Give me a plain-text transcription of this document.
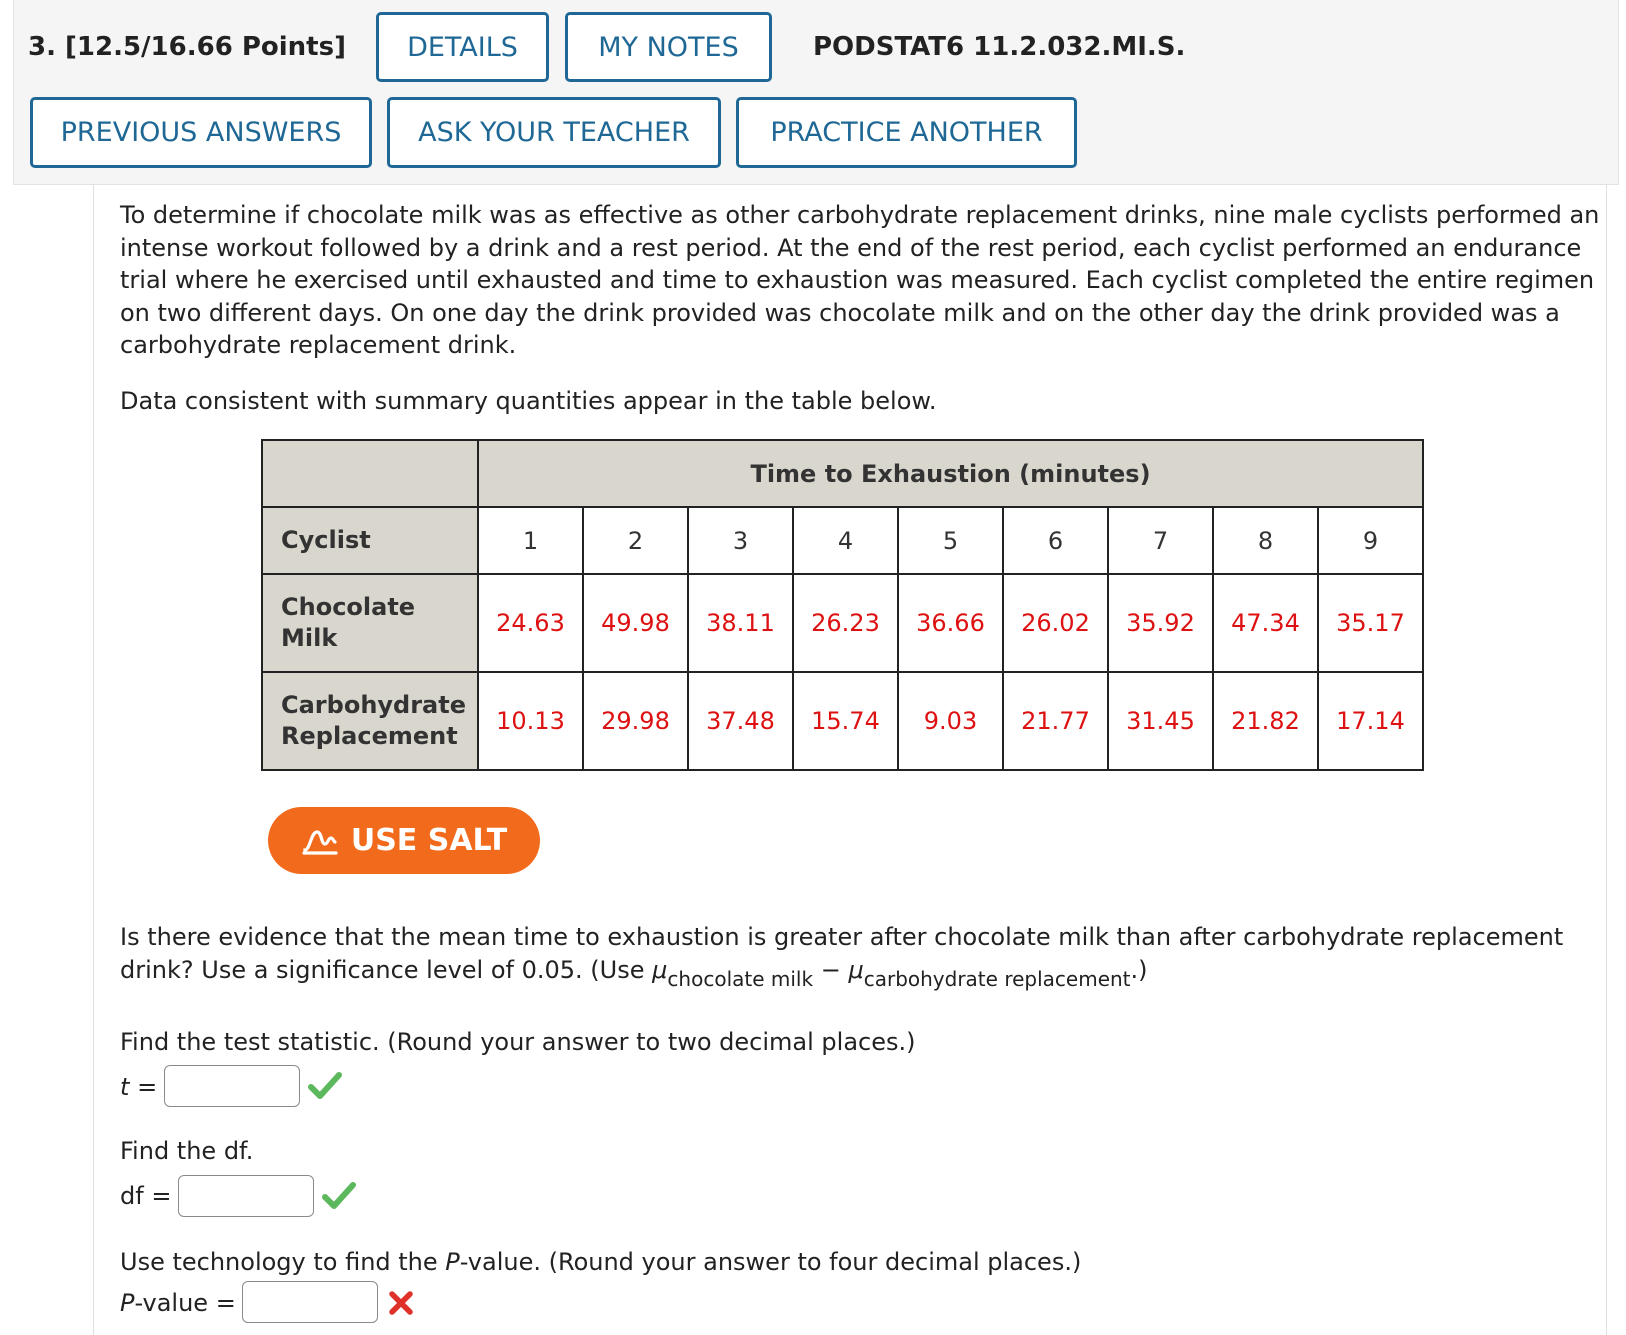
3. [12.5/16.66 Points]	DETAILS	MY NOTES	PODSTAT6 11.2.032.MI.S.
PREVIOUS ANSWERS	ASK YOUR TEACHER	PRACTICE ANOTHER
To determine if chocolate milk was as effective as other carbohydrate replacement drinks, nine male cyclists performed an
intense workout followed by a drink and a rest period. At the end of the rest period, each cyclist performed an endurance
trial where he exercised until exhausted and time to exhaustion was measured. Each cyclist completed the entire regimen
on two different days. On one day the drink provided was chocolate milk and on the other day the drink provided was a
carbohydrate replacement drink.
Data consistent with summary quantities appear in the table below.
	Time to Exhaustion (minutes)								
Cyclist	1	2	3	4	5	6	7	8	9

Chocolate
Milk	24.63	49.98	38.11	26.23	36.66	26.02	35.92	47.34	35.17

Carbohydrate
Replacement	10.13	29.98	37.48	15.74	9.03	21.77	31.45	21.82	17.14
USE SALT
Is there evidence that the mean time to exhaustion is greater after chocolate milk than after carbohydrate replacement
drink? Use a significance level of 0.05. (Use $\mu_{chocolate milk} - \mu_{carbohydrate replacement}$.)
Find the test statistic. (Round your answer to two decimal places.)
t =
Find the df.
df =
Use technology to find the P-value. (Round your answer to four decimal places.)
P-value =
